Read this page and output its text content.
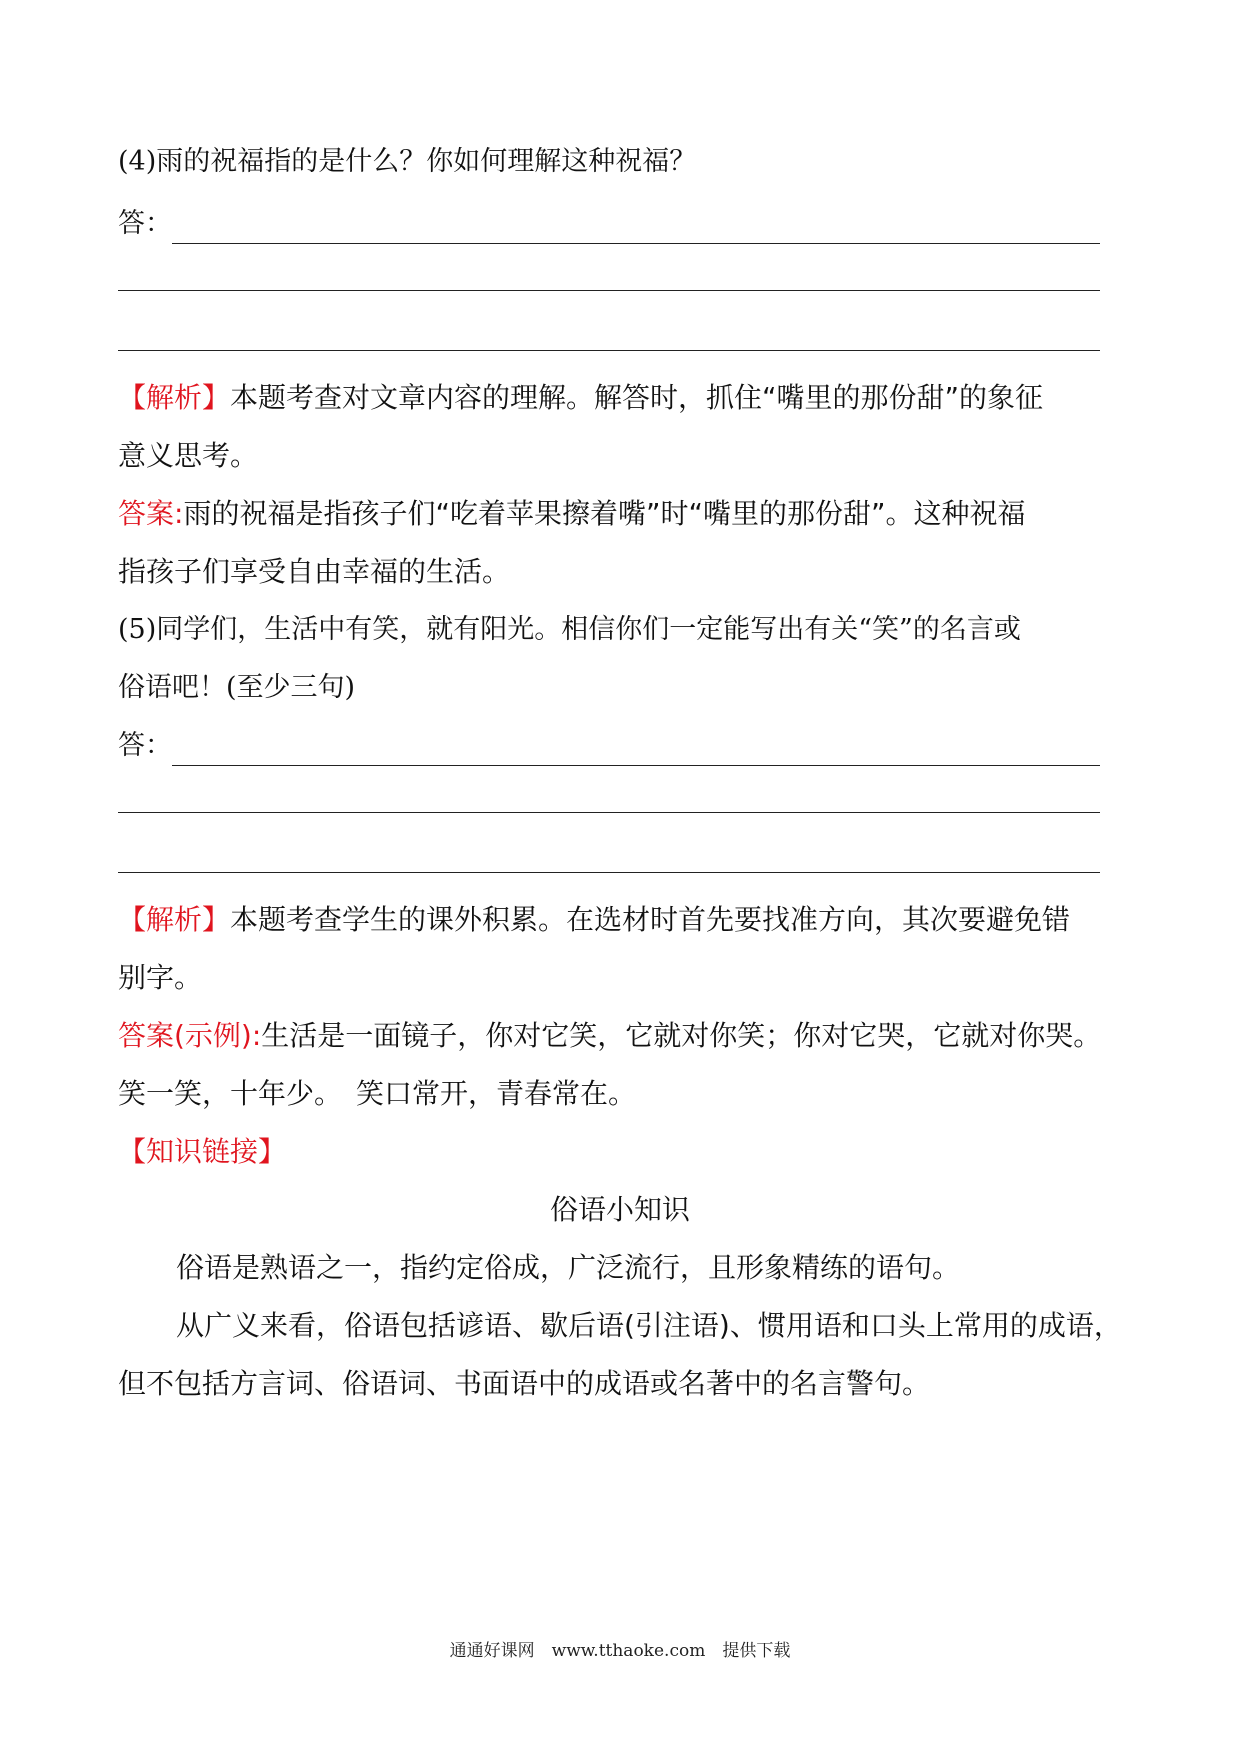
(4)雨的祝福指的是什么？你如何理解这种祝福？
答：
【解析】本题考查对文章内容的理解。解答时，抓住“嘴里的那份甜”的象征
意义思考。
答案:雨的祝福是指孩子们“吃着苹果擦着嘴”时“嘴里的那份甜”。这种祝福
指孩子们享受自由幸福的生活。
(5)同学们，生活中有笑，就有阳光。相信你们一定能写出有关“笑”的名言或
俗语吧！(至少三句)
答：
【解析】本题考查学生的课外积累。在选材时首先要找准方向，其次要避免错
别字。
答案(示例):生活是一面镜子，你对它笑，它就对你笑；你对它哭，它就对你哭。
笑一笑，十年少。　笑口常开，青春常在。
【知识链接】
俗语小知识
俗语是熟语之一，指约定俗成，广泛流行，且形象精练的语句。
从广义来看，俗语包括谚语、歇后语(引注语)、惯用语和口头上常用的成语，
但不包括方言词、俗语词、书面语中的成语或名著中的名言警句。
通通好课网　www.tthaoke.com　提供下载
